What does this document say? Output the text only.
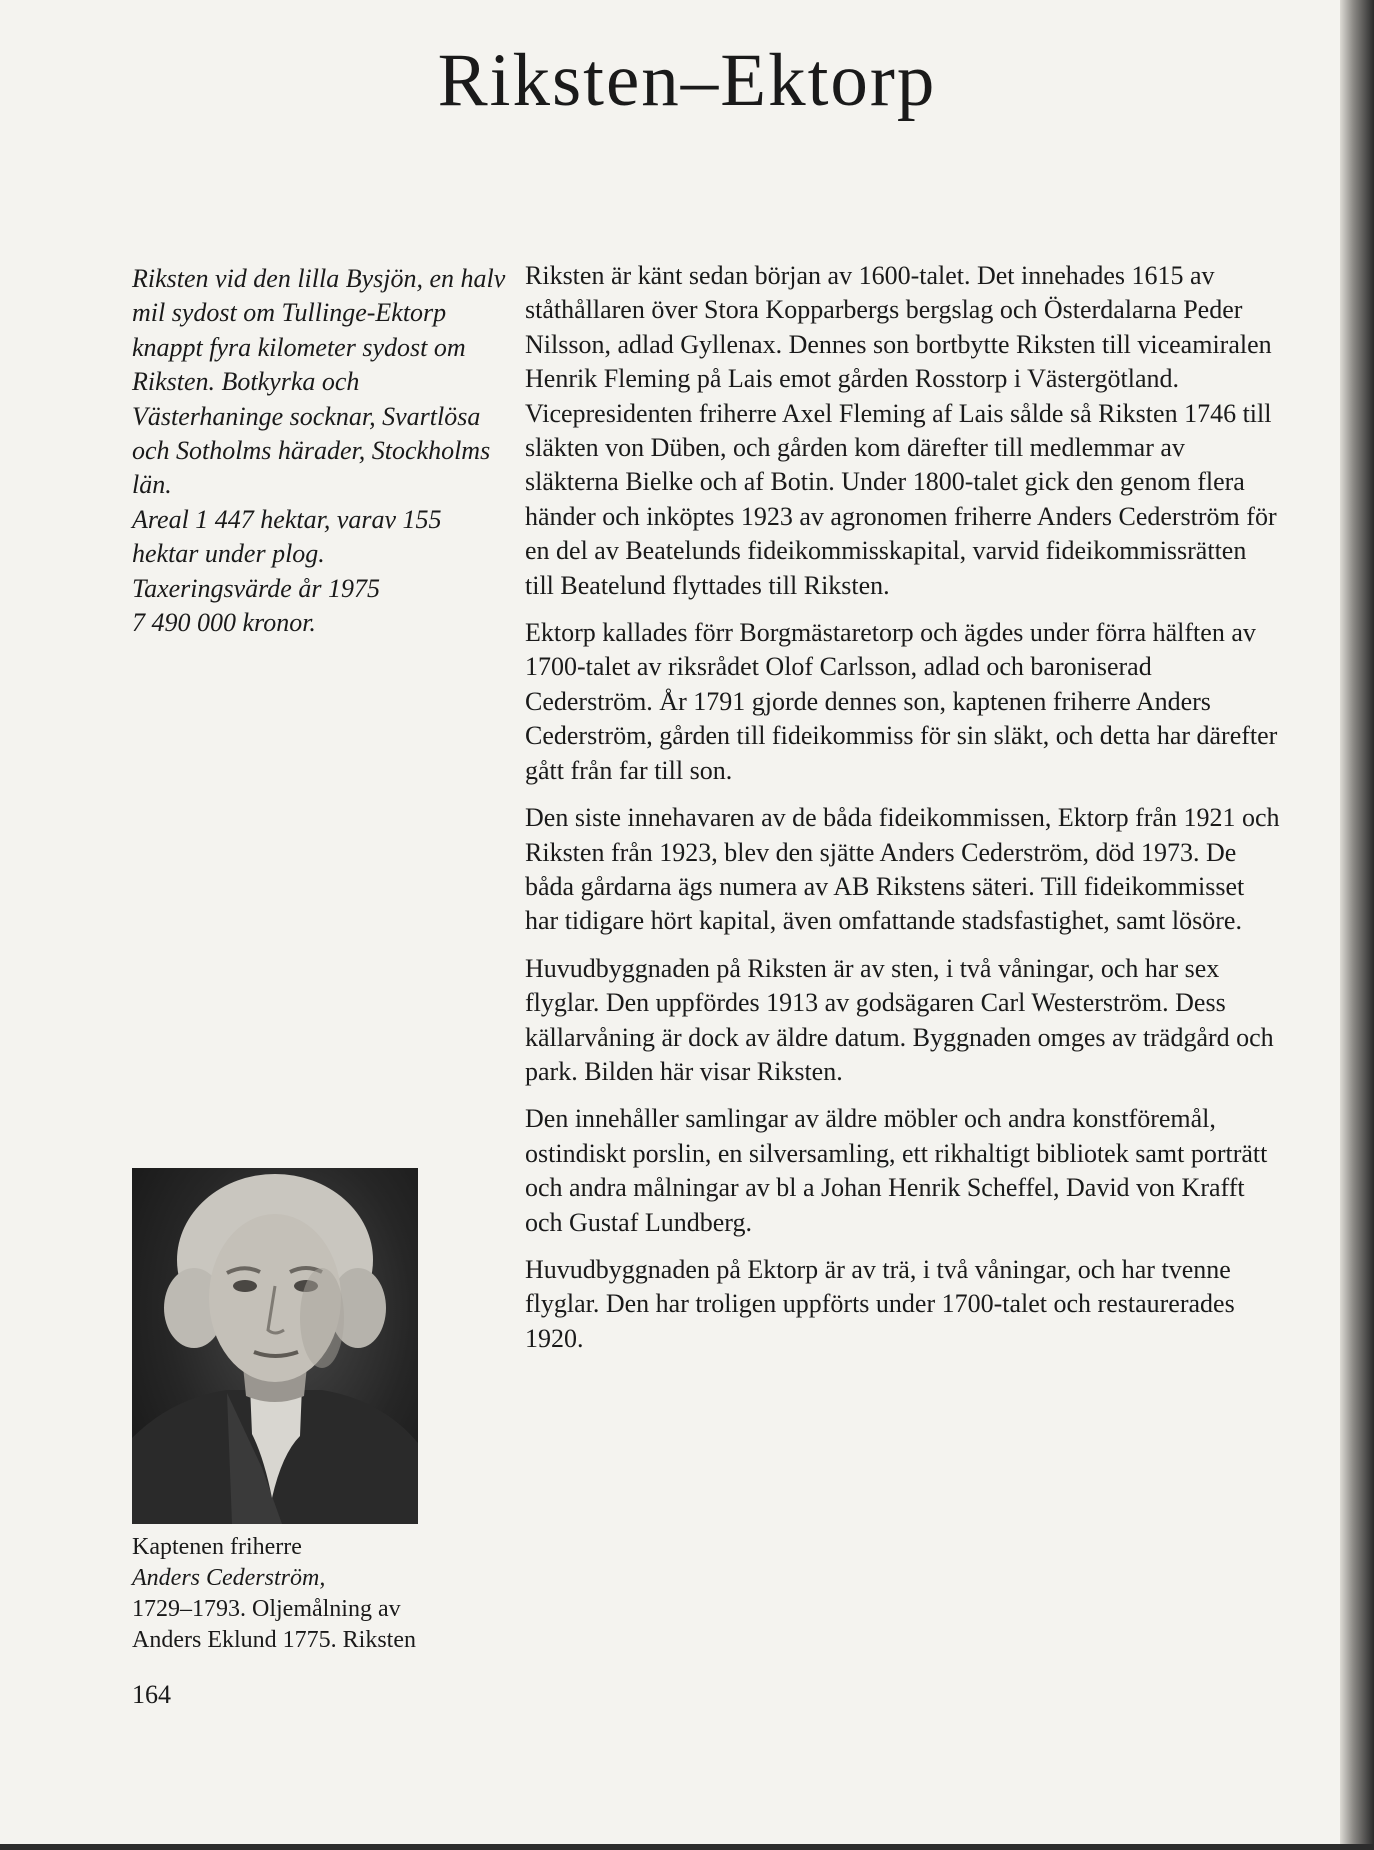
Riksten–Ektorp

Riksten vid den lilla Bysjön, en halv mil sydost om Tullinge-Ektorp knappt fyra kilometer sydost om Riksten. Botkyrka och Västerhaninge socknar, Svartlösa och Sotholms härader, Stockholms län.

Areal 1 447 hektar, varav 155 hektar under plog.

Taxeringsvärde år 1975

7 490 000 kronor.

Riksten är känt sedan början av 1600-talet. Det innehades 1615 av ståthållaren över Stora Kopparbergs bergslag och Österdalarna Peder Nilsson, adlad Gyllenax. Dennes son bortbytte Riksten till viceamiralen Henrik Fleming på Lais emot gården Rosstorp i Västergötland. Vicepresidenten friherre Axel Fleming af Lais sålde så Riksten 1746 till släkten von Düben, och gården kom därefter till medlemmar av släkterna Bielke och af Botin. Under 1800-talet gick den genom flera händer och inköptes 1923 av agronomen friherre Anders Cederström för en del av Beatelunds fideikommisskapital, varvid fideikommissrätten till Beatelund flyttades till Riksten.

Ektorp kallades förr Borgmästaretorp och ägdes under förra hälften av 1700-talet av riksrådet Olof Carlsson, adlad och baroniserad Cederström. År 1791 gjorde dennes son, kaptenen friherre Anders Cederström, gården till fideikommiss för sin släkt, och detta har därefter gått från far till son.

Den siste innehavaren av de båda fideikommissen, Ektorp från 1921 och Riksten från 1923, blev den sjätte Anders Cederström, död 1973. De båda gårdarna ägs numera av AB Rikstens säteri. Till fideikommisset har tidigare hört kapital, även omfattande stadsfastighet, samt lösöre.

Huvudbyggnaden på Riksten är av sten, i två våningar, och har sex flyglar. Den uppfördes 1913 av godsägaren Carl Westerström. Dess källarvåning är dock av äldre datum. Byggnaden omges av trädgård och park. Bilden här visar Riksten.

Den innehåller samlingar av äldre möbler och andra konstföremål, ostindiskt porslin, en silversamling, ett rikhaltigt bibliotek samt porträtt och andra målningar av bl a Johan Henrik Scheffel, David von Krafft och Gustaf Lundberg.

Huvudbyggnaden på Ektorp är av trä, i två våningar, och har tvenne flyglar. Den har troligen uppförts under 1700-talet och restaurerades 1920.

Kaptenen friherre
Anders Cederström,
1729–1793. Oljemålning av
Anders Eklund 1775. Riksten
164
